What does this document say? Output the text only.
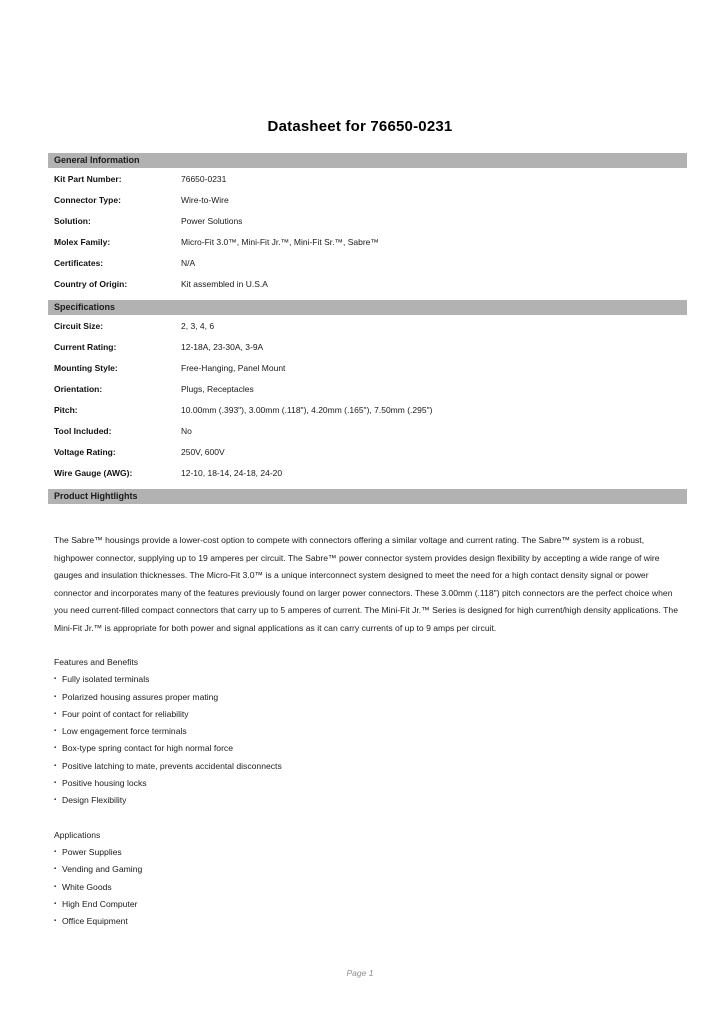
Datasheet for 76650-0231
General Information
Kit Part Number:	76650-0231
Connector Type:	Wire-to-Wire
Solution:	Power Solutions
Molex Family:	Micro-Fit 3.0™, Mini-Fit Jr.™, Mini-Fit Sr.™, Sabre™
Certificates:	N/A
Country of Origin:	Kit assembled in U.S.A
Specifications
Circuit Size:	2, 3, 4, 6
Current Rating:	12-18A, 23-30A, 3-9A
Mounting Style:	Free-Hanging, Panel Mount
Orientation:	Plugs, Receptacles
Pitch:	10.00mm (.393"), 3.00mm (.118"), 4.20mm (.165"), 7.50mm (.295")
Tool Included:	No
Voltage Rating:	250V, 600V
Wire Gauge (AWG):	12-10, 18-14, 24-18, 24-20
Product Hightlights

The Sabre™ housings provide a lower-cost option to compete with connectors offering a similar voltage and current rating. The Sabre™ system is a robust, highpower connector, supplying up to 19 amperes per circuit. The Sabre™ power connector system provides design flexibility by accepting a wide range of wire gauges and insulation thicknesses. The Micro-Fit 3.0™ is a unique interconnect system designed to meet the need for a high contact density signal or power connector and incorporates many of the features previously found on larger power connectors. These 3.00mm (.118") pitch connectors are the perfect choice when you need current-filled compact connectors that carry up to 5 amperes of current. The Mini-Fit Jr.™ Series is designed for high current/high density applications. The Mini-Fit Jr.™ is appropriate for both power and signal applications as it can carry currents of up to 9 amps per circuit.

Features and Benefits
▪ Fully isolated terminals
▪ Polarized housing assures proper mating
▪ Four point of contact for reliability
▪ Low engagement force terminals
▪ Box-type spring contact for high normal force
▪ Positive latching to mate, prevents accidental disconnects
▪ Positive housing locks
▪ Design Flexibility
Applications
▪ Power Supplies
▪ Vending and Gaming
▪ White Goods
▪ High End Computer
▪ Office Equipment
Page 1
